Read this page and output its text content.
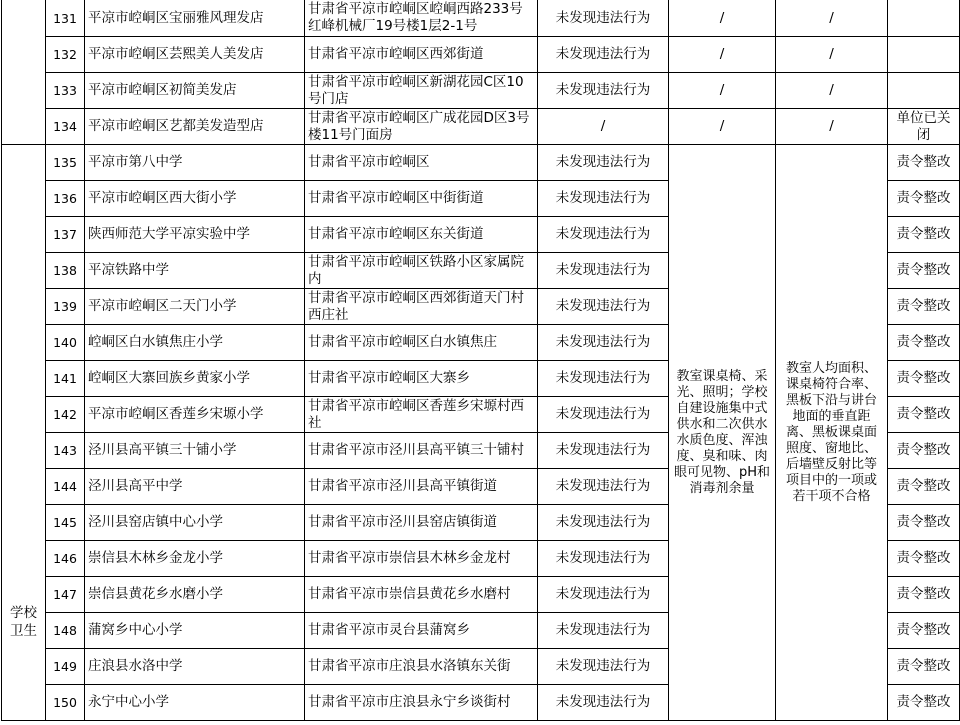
	131	平凉市崆峒区宝丽雅风理发店	甘肃省平凉市崆峒区崆峒西路233号红峰机械厂19号楼1层2-1号	未发现违法行为	/	/	
	132	平凉市崆峒区芸熙美人美发店	甘肃省平凉市崆峒区西郊街道	未发现违法行为	/	/	
	133	平凉市崆峒区初简美发店	甘肃省平凉市崆峒区新湖花园C区10号门店	未发现违法行为	/	/	
	134	平凉市崆峒区艺都美发造型店	甘肃省平凉市崆峒区广成花园D区3号楼11号门面房	/	/	/	单位已关闭
学校卫生	135	平凉市第八中学	甘肃省平凉市崆峒区	未发现违法行为	教室课桌椅、采光、照明；学校自建设施集中式供水和二次供水水质色度、浑浊度、臭和味、肉眼可见物、pH和消毒剂余量	教室人均面积、课桌椅符合率、黑板下沿与讲台地面的垂直距离、黑板课桌面照度、窗地比、后墙壁反射比等项目中的一项或若干项不合格	责令整改
	136	平凉市崆峒区西大街小学	甘肃省平凉市崆峒区中街街道	未发现违法行为			责令整改
	137	陕西师范大学平凉实验中学	甘肃省平凉市崆峒区东关街道	未发现违法行为			责令整改
	138	平凉铁路中学	甘肃省平凉市崆峒区铁路小区家属院内	未发现违法行为			责令整改
	139	平凉市崆峒区二天门小学	甘肃省平凉市崆峒区西郊街道天门村西庄社	未发现违法行为			责令整改
	140	崆峒区白水镇焦庄小学	甘肃省平凉市崆峒区白水镇焦庄	未发现违法行为			责令整改
	141	崆峒区大寨回族乡黄家小学	甘肃省平凉市崆峒区大寨乡	未发现违法行为			责令整改
	142	平凉市崆峒区香莲乡宋塬小学	甘肃省平凉市崆峒区香莲乡宋塬村西社	未发现违法行为			责令整改
	143	泾川县高平镇三十铺小学	甘肃省平凉市泾川县高平镇三十铺村	未发现违法行为			责令整改
	144	泾川县高平中学	甘肃省平凉市泾川县高平镇街道	未发现违法行为			责令整改
	145	泾川县窑店镇中心小学	甘肃省平凉市泾川县窑店镇街道	未发现违法行为			责令整改
	146	崇信县木林乡金龙小学	甘肃省平凉市崇信县木林乡金龙村	未发现违法行为			责令整改
	147	崇信县黄花乡水磨小学	甘肃省平凉市崇信县黄花乡水磨村	未发现违法行为			责令整改
	148	蒲窝乡中心小学	甘肃省平凉市灵台县蒲窝乡	未发现违法行为			责令整改
	149	庄浪县水洛中学	甘肃省平凉市庄浪县水洛镇东关街	未发现违法行为			责令整改
	150	永宁中心小学	甘肃省平凉市庄浪县永宁乡谈街村	未发现违法行为			责令整改
